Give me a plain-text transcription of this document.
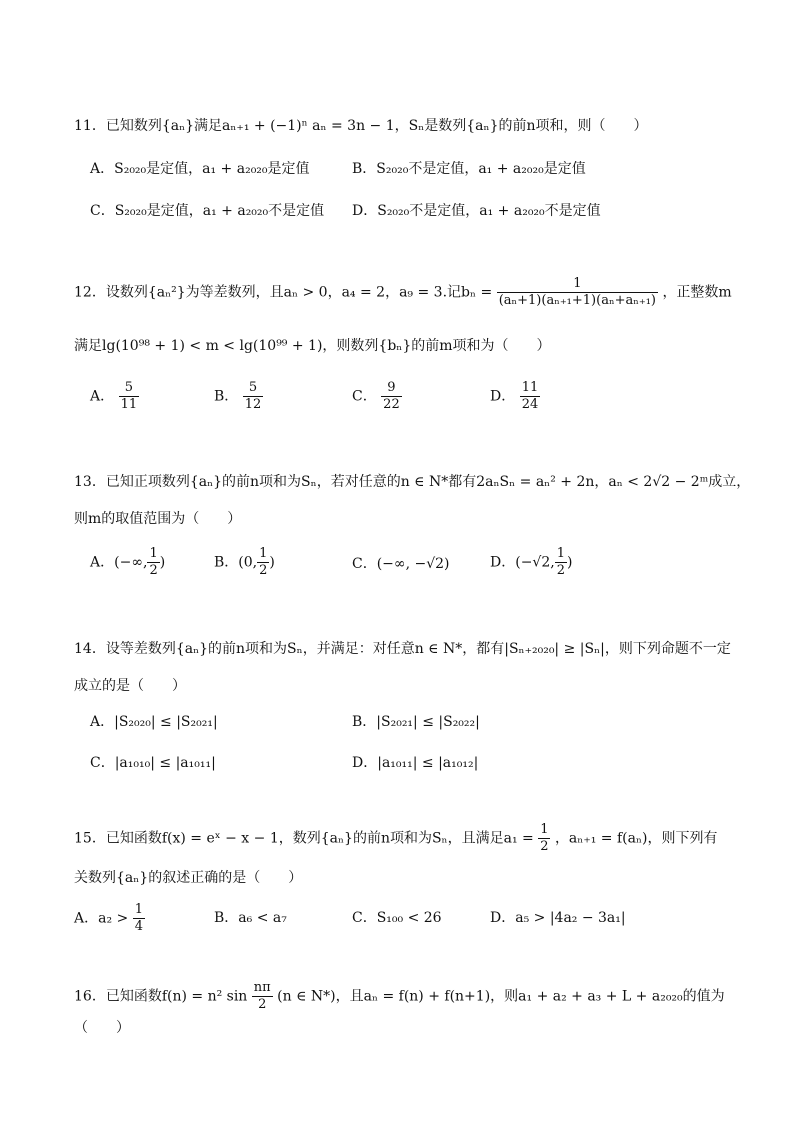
11．已知数列{aₙ}满足aₙ₊₁ + (−1)ⁿ aₙ = 3n − 1，Sₙ是数列{aₙ}的前n项和，则（　　）
A．S₂₀₂₀是定值，a₁ + a₂₀₂₀是定值	B．S₂₀₂₀不是定值，a₁ + a₂₀₂₀是定值
C．S₂₀₂₀是定值，a₁ + a₂₀₂₀不是定值 D．S₂₀₂₀不是定值，a₁ + a₂₀₂₀不是定值
12．设数列{aₙ²}为等差数列，且aₙ > 0，a₄ = 2，a₉ = 3.记$b_n = \frac{1}{\text{(aₙ+1)(aₙ₊₁+1)(aₙ+aₙ₊₁)}}$ ，正整数m
满足lg(10⁹⁸ + 1) < m < lg(10⁹⁹ + 1)，则数列{bₙ}的前m项和为（　　）
A． $\frac{5}{11}$	B． $\frac{5}{12}$	C． $\frac{9}{22}$	D． $\frac{11}{24}$
13．已知正项数列{aₙ}的前n项和为Sₙ，若对任意的n ∈ N*都有2aₙSₙ = aₙ² + 2n，aₙ < 2√2 − 2ᵐ成立，
则m的取值范围为（　　）
A．(−∞, $\frac{1}{2}$ )	B．(0, $\frac{1}{2}$ )	C．(−∞, −√2)	D．(−√2, $\frac{1}{2}$ )
14．设等差数列{aₙ}的前n项和为Sₙ，并满足：对任意n ∈ N*，都有|Sₙ₊₂₀₂₀| ≥ |Sₙ|，则下列命题不一定
成立的是（　　）
A．|S₂₀₂₀| ≤ |S₂₀₂₁|	B．|S₂₀₂₁| ≤ |S₂₀₂₂|
C．|a₁₀₁₀| ≤ |a₁₀₁₁|	D．|a₁₀₁₁| ≤ |a₁₀₁₂|
15．已知函数f(x) = eˣ − x − 1，数列{aₙ}的前n项和为Sₙ，且满足$a_1 = \frac{1}{2}$ ，aₙ₊₁ = f(aₙ)，则下列有
关数列{aₙ}的叙述正确的是（　　）
A．$a_2 > \frac{1}{4}$	B．a₆ < a₇	C．S₁₀₀ < 26	D．a₅ > |4a₂ − 3a₁|
16．已知函数f(n) = n² $\sin \frac{n\pi}{2} (n$ ∈ N*)，且aₙ = f(n) + f(n+1)，则a₁ + a₂ + a₃ + L + a₂₀₂₀的值为
（　　）
